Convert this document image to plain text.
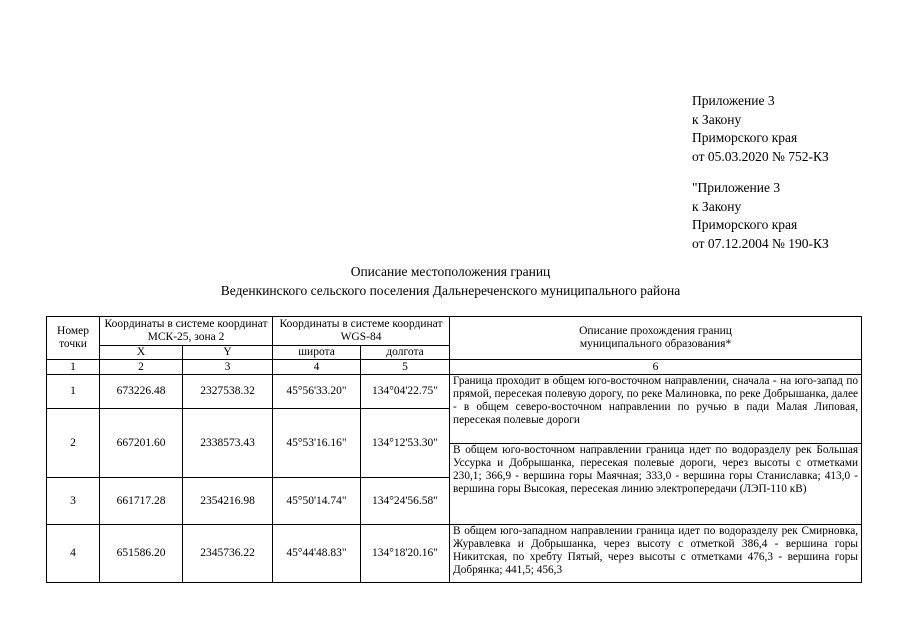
Приложение 3
к Закону
Приморского края
от 05.03.2020 № 752-КЗ
"Приложение 3
к Закону
Приморского края
от 07.12.2004 № 190-КЗ
Описание местоположения границ
Веденкинского сельского поселения Дальнереченского муниципального района
Номер точки	Координаты в системе координат МСК-25, зона 2		Координаты в системе координат WGS-84		Описание прохождения границ муниципального образования*
	X	Y	широта	долгота	
1	2	3	4	5	6
1	673226.48	2327538.32	45°56'33.20"	134°04'22.75"	Граница проходит в общем юго-восточном направлении, сначала - на юго-запад по прямой, пересекая полевую дорогу, по реке Малиновка, по реке Добрышанка, далее - в общем северо-восточном направлении по ручью в пади Малая Липовая, пересекая полевые дороги
2	667201.60	2338573.43	45°53'16.16"	134°12'53.30"	
					В общем юго-восточном направлении граница идет по водоразделу рек Большая Уссурка и Добрышанка, пересекая полевые дороги, через высоты с отметками 230,1; 366,9 - вершина горы Маячная; 333,0 - вершина горы Станиславка; 413,0 - вершина горы Высокая, пересекая линию электропередачи (ЛЭП-110 кВ)
3	661717.28	2354216.98	45°50'14.74"	134°24'56.58"	

4	651586.20	2345736.22	45°44'48.83"	134°18'20.16"	В общем юго-западном направлении граница идет по водоразделу рек Смирновка, Журавлевка и Добрышанка, через высоту с отметкой 386,4 - вершина горы Никитская, по хребту Пятый, через высоты с отметками 476,3 - вершина горы Добрянка; 441,5; 456,3
